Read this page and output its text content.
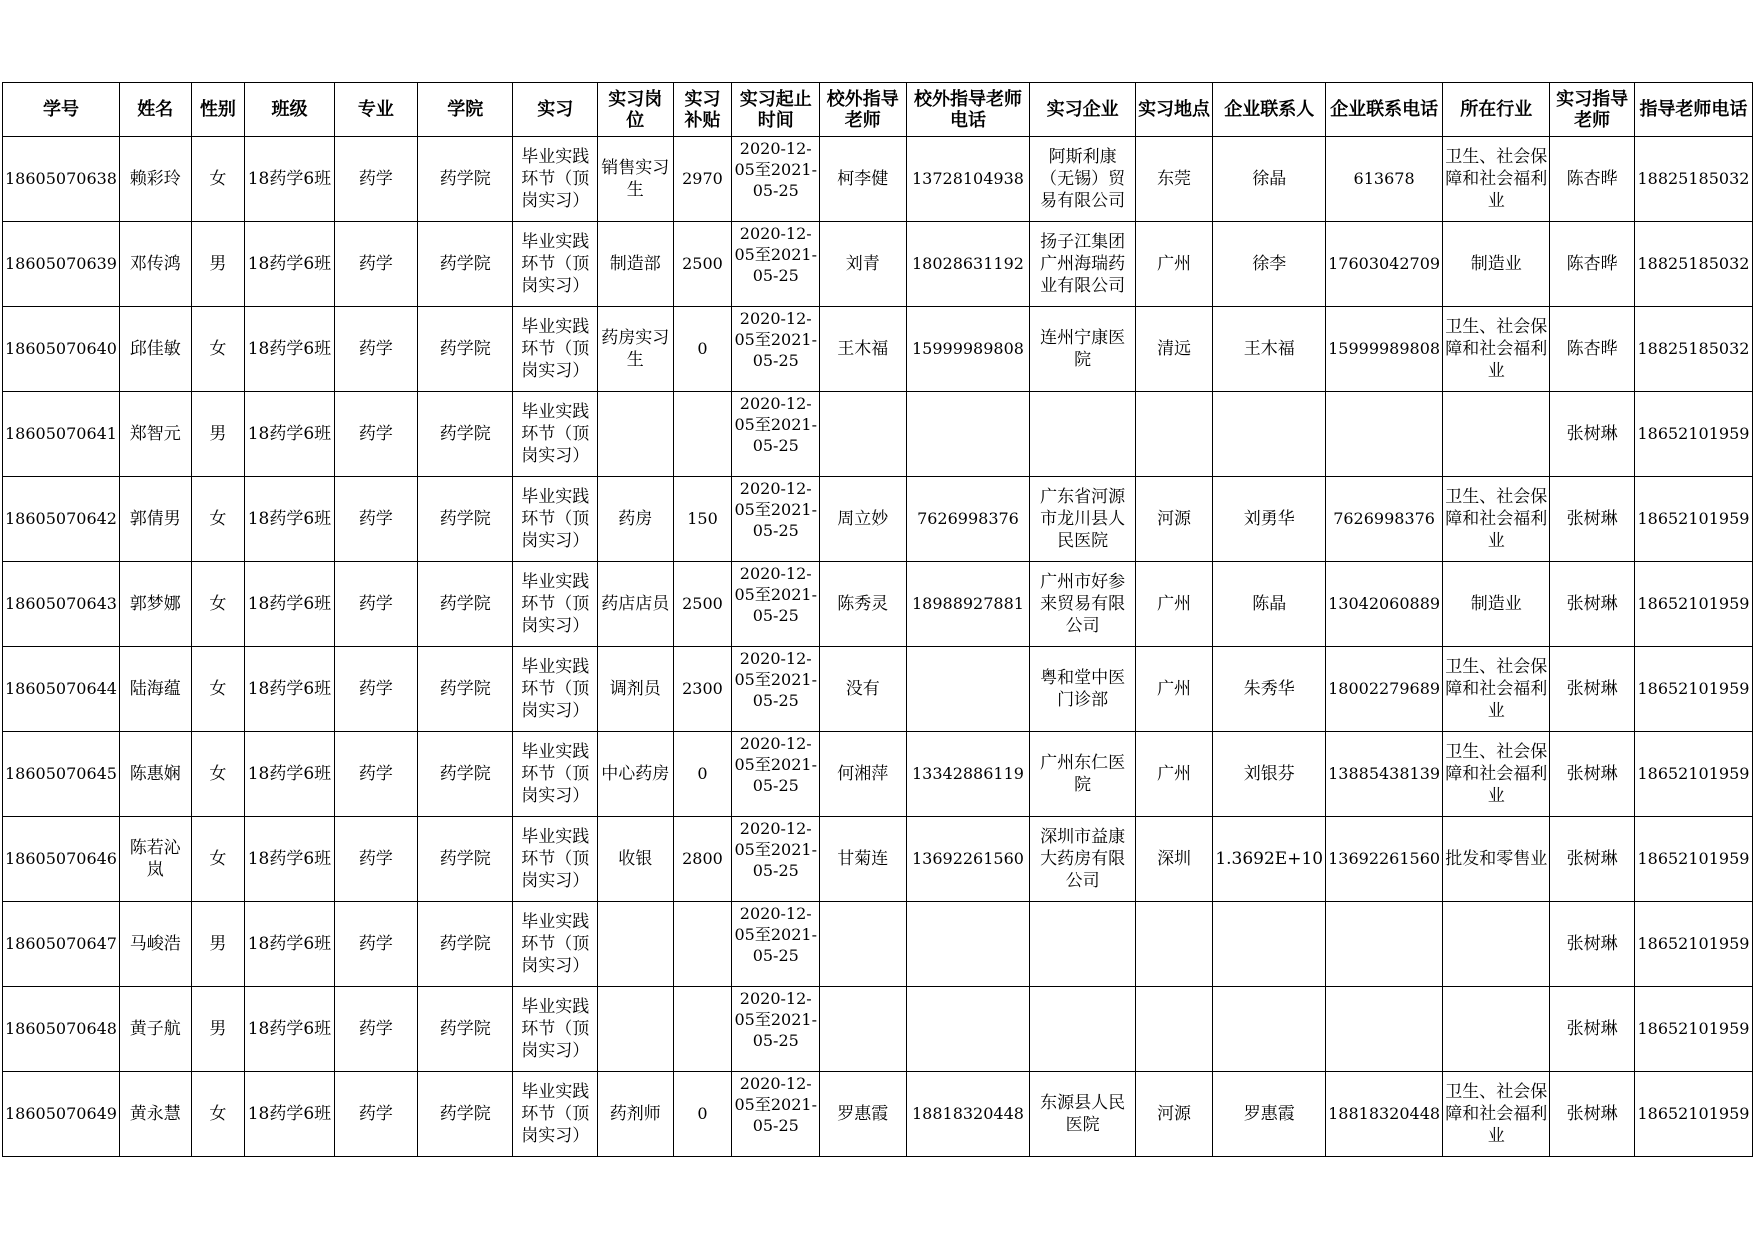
学号	姓名	性别	班级	专业	学院	实习	实习岗位	实习补贴	实习起止时间	校外指导老师	校外指导老师电话	实习企业	实习地点	企业联系人	企业联系电话	所在行业	实习指导老师	指导老师电话
18605070638	赖彩玲	女	18药学6班	药学	药学院	毕业实践环节（顶岗实习）	销售实习生	2970	2020-12-05至2021-05-25	柯李健	13728104938	阿斯利康（无锡）贸易有限公司	东莞	徐晶	613678	卫生、社会保障和社会福利业	陈杏晔	18825185032
18605070639	邓传鸿	男	18药学6班	药学	药学院	毕业实践环节（顶岗实习）	制造部	2500	2020-12-05至2021-05-25	刘青	18028631192	扬子江集团广州海瑞药业有限公司	广州	徐李	17603042709	制造业	陈杏晔	18825185032
18605070640	邱佳敏	女	18药学6班	药学	药学院	毕业实践环节（顶岗实习）	药房实习生	0	2020-12-05至2021-05-25	王木福	15999989808	连州宁康医院	清远	王木福	15999989808	卫生、社会保障和社会福利业	陈杏晔	18825185032
18605070641	郑智元	男	18药学6班	药学	药学院	毕业实践环节（顶岗实习）			2020-12-05至2021-05-25								张树琳	18652101959
18605070642	郭倩男	女	18药学6班	药学	药学院	毕业实践环节（顶岗实习）	药房	150	2020-12-05至2021-05-25	周立妙	7626998376	广东省河源市龙川县人民医院	河源	刘勇华	7626998376	卫生、社会保障和社会福利业	张树琳	18652101959
18605070643	郭梦娜	女	18药学6班	药学	药学院	毕业实践环节（顶岗实习）	药店店员	2500	2020-12-05至2021-05-25	陈秀灵	18988927881	广州市好参来贸易有限公司	广州	陈晶	13042060889	制造业	张树琳	18652101959
18605070644	陆海蕴	女	18药学6班	药学	药学院	毕业实践环节（顶岗实习）	调剂员	2300	2020-12-05至2021-05-25	没有		粤和堂中医门诊部	广州	朱秀华	18002279689	卫生、社会保障和社会福利业	张树琳	18652101959
18605070645	陈惠娴	女	18药学6班	药学	药学院	毕业实践环节（顶岗实习）	中心药房	0	2020-12-05至2021-05-25	何湘萍	13342886119	广州东仁医院	广州	刘银芬	13885438139	卫生、社会保障和社会福利业	张树琳	18652101959
18605070646	陈若沁岚	女	18药学6班	药学	药学院	毕业实践环节（顶岗实习）	收银	2800	2020-12-05至2021-05-25	甘菊连	13692261560	深圳市益康大药房有限公司	深圳	1.3692E+10	13692261560	批发和零售业	张树琳	18652101959
18605070647	马峻浩	男	18药学6班	药学	药学院	毕业实践环节（顶岗实习）			2020-12-05至2021-05-25								张树琳	18652101959
18605070648	黄子航	男	18药学6班	药学	药学院	毕业实践环节（顶岗实习）			2020-12-05至2021-05-25								张树琳	18652101959
18605070649	黄永慧	女	18药学6班	药学	药学院	毕业实践环节（顶岗实习）	药剂师	0	2020-12-05至2021-05-25	罗惠霞	18818320448	东源县人民医院	河源	罗惠霞	18818320448	卫生、社会保障和社会福利业	张树琳	18652101959
